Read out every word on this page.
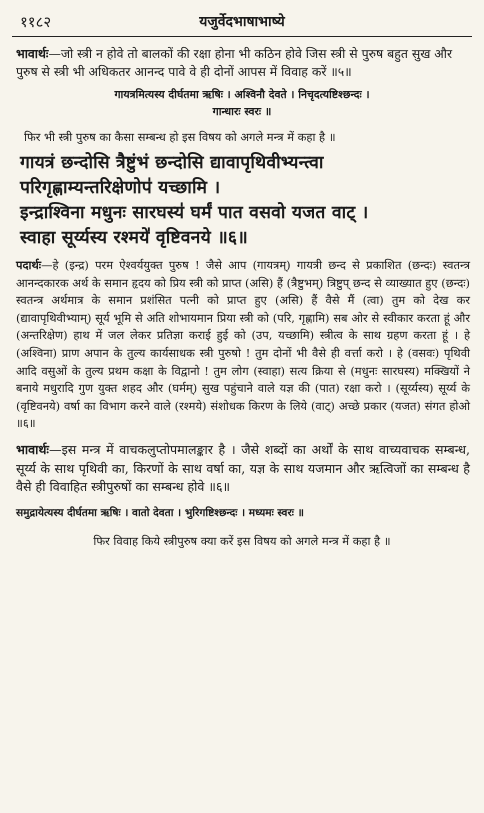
११८२	यजुर्वेदभाषाभाष्ये

भावार्थः—जो स्त्री न होवे तो बालकों की रक्षा होना भी कठिन होवे जिस स्त्री से पुरुष बहुत सुख और पुरुष से स्त्री भी अधिकतर आनन्द पावे वे ही दोनों आपस में विवाह करें ॥५॥

गायत्रमित्यस्य दीर्घतमा ऋषिः । अश्विनौ देवते । निचृदत्यष्टिश्छन्दः ।
गान्धारः स्वरः ॥

फिर भी स्त्री पुरुष का कैसा सम्बन्ध हो इस विषय को अगले मन्त्र में कहा है ॥

गायत्रं छन्दोसि त्रैष्टुंभं छन्दोसि द्यावापृथिवीभ्यन्त्वा
परिगृह्णाम्यन्तरिक्षेणोप॑ यच्छामि ।
इन्द्राश्विना मधुनः सारघस्य॑ घर्मं पात वसवो यजत वाट् ।
स्वाहा सूर्य्यस्य रश्मये॑ वृष्टिवनये ॥६॥

पदार्थः—हे (इन्द्र) परम ऐश्वर्ययुक्त पुरुष ! जैसे आप (गायत्रम्) गायत्री छन्द से प्रकाशित (छन्दः) स्वतन्त्र आनन्दकारक अर्थ के समान हृदय को प्रिय स्त्री को प्राप्त (असि) हैं (त्रैष्टुभम्) त्रिष्टुप् छन्द से व्याख्यात हुए (छन्दः) स्वतन्त्र अर्थमात्र के समान प्रशंसित पत्नी को प्राप्त हुए (असि) हैं वैसे मैं (त्वा) तुम को देख कर (द्यावापृथिवीभ्याम्) सूर्य भूमि से अति शोभायमान प्रिया स्त्री को (परि, गृह्णामि) सब ओर से स्वीकार करता हूं और (अन्तरिक्षेण) हाथ में जल लेकर प्रतिज्ञा कराई हुई को (उप, यच्छामि) स्त्रीत्व के साथ ग्रहण करता हूं । हे (अश्विना) प्राण अपान के तुल्य कार्यसाधक स्त्री पुरुषो ! तुम दोनों भी वैसे ही वर्त्ता करो । हे (वसवः) पृथिवी आदि वसुओं के तुल्य प्रथम कक्षा के विद्वानो ! तुम लोग (स्वाहा) सत्य क्रिया से (मधुनः सारघस्य) मक्खियों ने बनाये मधुरादि गुण युक्त शहद और (घर्मम्) सुख पहुंचाने वाले यज्ञ की (पात) रक्षा करो । (सूर्य्यस्य) सूर्य्य के (वृष्टिवनये) वर्षा का विभाग करने वाले (रश्मये) संशोधक किरण के लिये (वाट्) अच्छे प्रकार (यजत) संगत होओ ॥६॥

भावार्थः—इस मन्त्र में वाचकलुप्तोपमालङ्कार है । जैसे शब्दों का अर्थों के साथ वाच्यवाचक सम्बन्ध, सूर्य्य के साथ पृथिवी का, किरणों के साथ वर्षा का, यज्ञ के साथ यजमान और ऋत्विजों का सम्बन्ध है वैसे ही विवाहित स्त्रीपुरुषों का सम्बन्ध होवे ॥६॥

समुद्रायेत्यस्य दीर्घतमा ऋषिः । वातो देवता । भुरिगष्टिश्छन्दः । मध्यमः स्वरः ॥

फिर विवाह किये स्त्रीपुरुष क्या करें इस विषय को अगले मन्त्र में कहा है ॥
